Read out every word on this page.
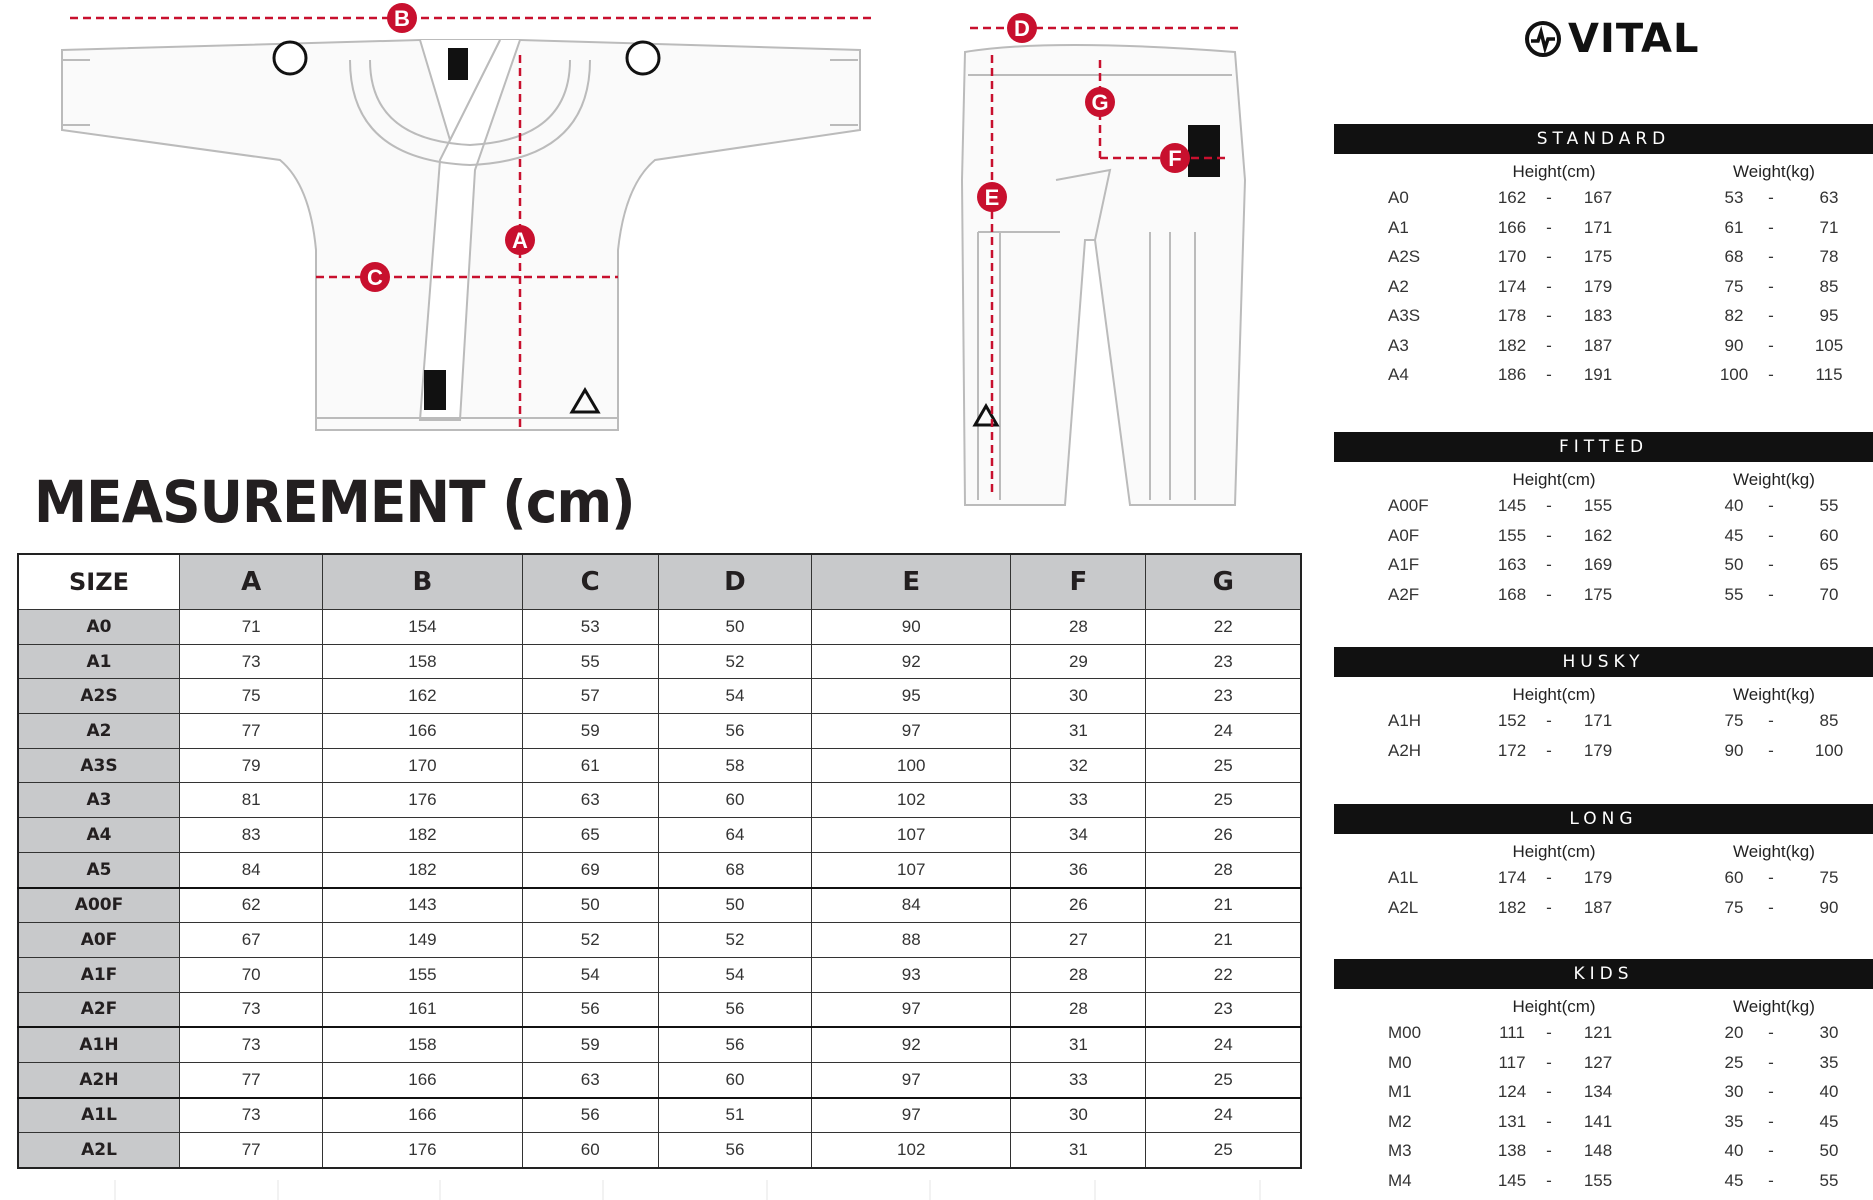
B
A
C
D
E
F
G
MEASUREMENT (cm)
SIZE	A	B	C	D	E	F	G
A0	71	154	53	50	90	28	22
A1	73	158	55	52	92	29	23
A2S	75	162	57	54	95	30	23
A2	77	166	59	56	97	31	24
A3S	79	170	61	58	100	32	25
A3	81	176	63	60	102	33	25
A4	83	182	65	64	107	34	26
A5	84	182	69	68	107	36	28
A00F	62	143	50	50	84	26	21
A0F	67	149	52	52	88	27	21
A1F	70	155	54	54	93	28	22
A2F	73	161	56	56	97	28	23
A1H	73	158	59	56	92	31	24
A2H	77	166	63	60	97	33	25
A1L	73	166	56	51	97	30	24
A2L	77	176	60	56	102	31	25
VITAL
STANDARD
Height(cm)	Weight(kg)
A0	162	-	167	53	-	63
A1	166	-	171	61	-	71
A2S	170	-	175	68	-	78
A2	174	-	179	75	-	85
A3S	178	-	183	82	-	95
A3	182	-	187	90	-	105
A4	186	-	191	100	-	115
FITTED
Height(cm)	Weight(kg)
A00F	145	-	155	40	-	55
A0F	155	-	162	45	-	60
A1F	163	-	169	50	-	65
A2F	168	-	175	55	-	70
HUSKY
Height(cm)	Weight(kg)
A1H	152	-	171	75	-	85
A2H	172	-	179	90	-	100
LONG
Height(cm)	Weight(kg)
A1L	174	-	179	60	-	75
A2L	182	-	187	75	-	90
KIDS
Height(cm)	Weight(kg)
M00	111	-	121	20	-	30
M0	117	-	127	25	-	35
M1	124	-	134	30	-	40
M2	131	-	141	35	-	45
M3	138	-	148	40	-	50
M4	145	-	155	45	-	55
